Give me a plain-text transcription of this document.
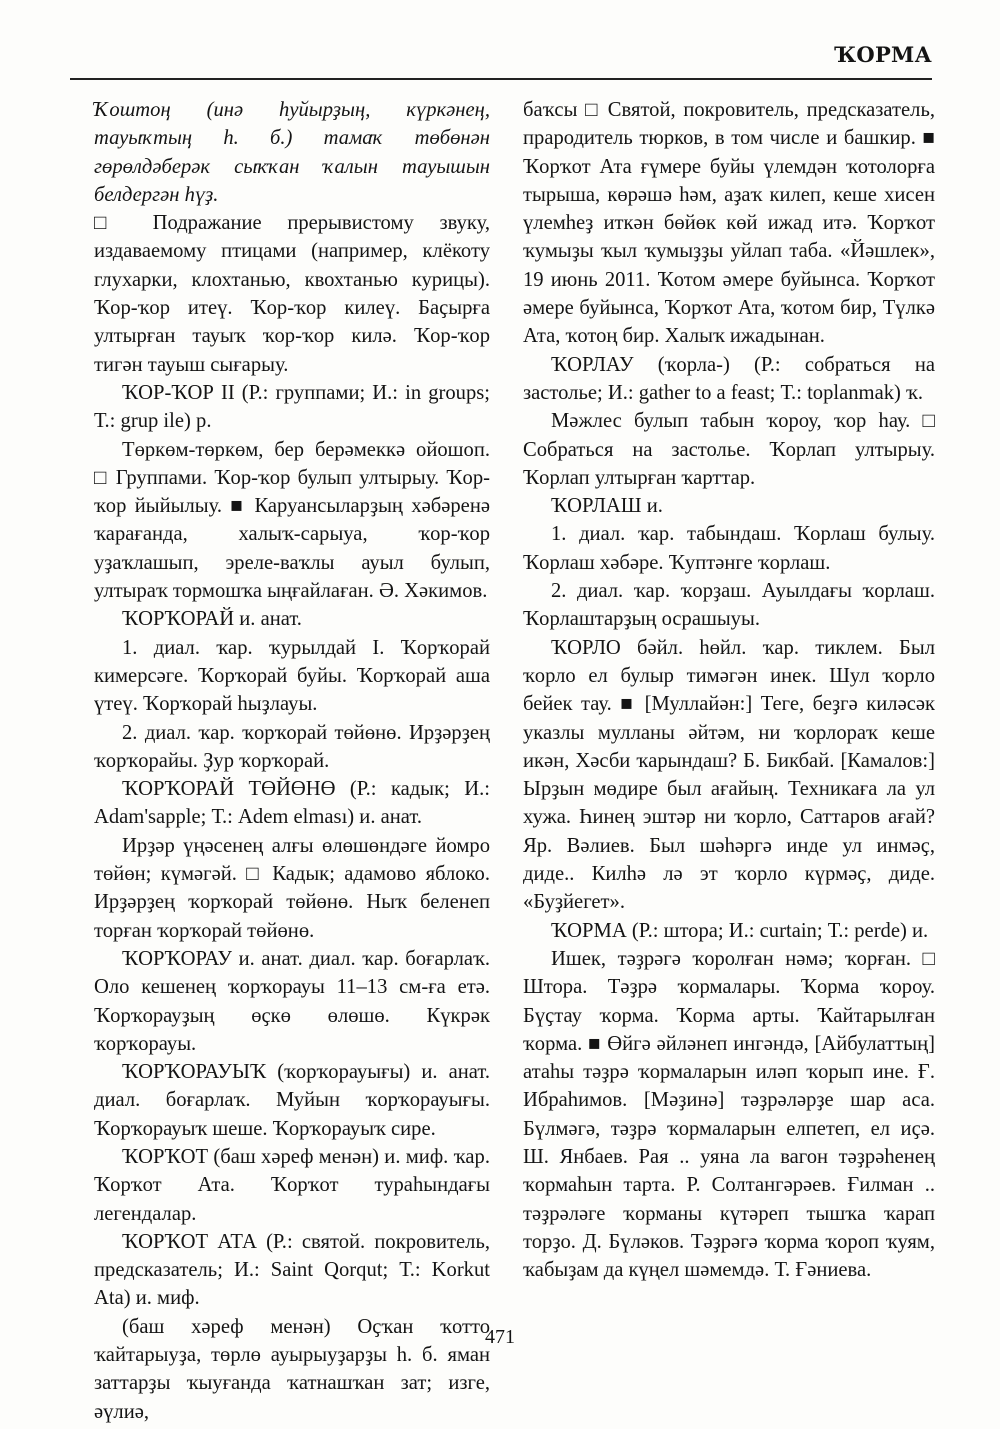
ҠОРМА

Ҡоштоң (инә һуйырҙың, күркәнең, тауыҡтың һ. б.) тамаҡ төбөнән гөрөлдәберәк сыҡҡан ҡалын тауышын белдергән һүҙ.

□ Подражание прерывистому звуку, издаваемому птицами (например, клёкоту глухарки, клохтанью, квохтанью курицы). Ҡор-ҡор итеү. Ҡор-ҡор килеү. Баҫырға ултырған тауыҡ ҡор-ҡор килә. Ҡор-ҡор тигән тауыш сығарыу.

ҠОР-ҠОР II (Р.: группами; И.: in groups; Т.: grup ile) р.

Төркөм-төркөм, бер берәмеккә ойошоп. □ Группами. Ҡор-ҡор булып ултырыу. Ҡор-ҡор йыйылыу. ■ Каруансыларҙың хәбәренә ҡарағанда, халыҡ-сарыуа, ҡор-ҡор уҙаҡлашып, эреле-ваҡлы ауыл булып, ултыраҡ тормошҡа ыңғайлаған. Ә. Хәкимов.

ҠОРҠОРАЙ и. анат.

1. диал. ҡар. ҡурылдай I. Ҡорҡорай кимерсәге. Ҡорҡорай буйы. Ҡорҡорай аша үтеү. Ҡорҡорай һыҙлауы.

2. диал. ҡар. ҡорҡорай төйөнө. Ирҙәрҙең ҡорҡорайы. Ҙур ҡорҡорай.

ҠОРҠОРАЙ ТӨЙӨНӨ (Р.: кадык; И.: Adam'sapple; Т.: Adem elması) и. анат.

Ирҙәр үңәсенең алғы өлөшөндәге йомро төйөн; күмәгәй. □ Кадык; адамово яблоко. Ирҙәрҙең ҡорҡорай төйөнө. Ныҡ беленеп торған ҡорҡорай төйөнө.

ҠОРҠОРАУ и. анат. диал. ҡар. боғарлаҡ. Оло кешенең ҡорҡорауы 11–13 см-ға етә. Ҡорҡорауҙың өҫкө өлөшө. Күкрәк ҡорҡорауы.

ҠОРҠОРАУЫҠ (ҡорҡорауығы) и. анат. диал. боғарлаҡ. Муйын ҡорҡорауығы. Ҡорҡорауыҡ шеше. Ҡорҡорауыҡ сире.

ҠОРҠОТ (баш хәреф менән) и. миф. ҡар. Ҡорҡот Ата. Ҡорҡот тураһындағы легендалар.

ҠОРҠОТ АТА (Р.: святой. покровитель, предсказатель; И.: Saint Qorqut; Т.: Korkut Ata) и. миф.

(баш хәреф менән) Оҫҡан ҡотто ҡайтарыуҙа, төрлө ауырыуҙарҙы һ. б. яман заттарҙы ҡыуғанда ҡатнашҡан зат; изге, әүлиә,

баҡсы □ Святой, покровитель, предсказатель, прародитель тюрков, в том числе и башкир. ■ Ҡорҡот Ата ғүмере буйы үлемдән ҡотолорға тырыша, көрәшә һәм, аҙаҡ килеп, кеше хисен үлемһеҙ иткән бөйөк көй ижад итә. Ҡорҡот ҡумыҙы ҡыл ҡумыҙҙы уйлап таба. «Йәшлек», 19 июнь 2011. Ҡотом әмере буйынса. Ҡорҡот әмере буйынса, Ҡорҡот Ата, ҡотом бир, Түлкә Ата, ҡотоң бир. Халыҡ ижадынан.

ҠОРЛАУ (ҡорла-) (Р.: собраться на застолье; И.: gather to a feast; Т.: toplanmak) ҡ.

Мәжлес булып табын ҡороу, ҡор һау. □ Собраться на застолье. Ҡорлап ултырыу. Ҡорлап ултырған ҡарттар.

ҠОРЛАШ и.

1. диал. ҡар. табындаш. Ҡорлаш булыу. Ҡорлаш хәбәре. Ҡуптәнге ҡорлаш.

2. диал. ҡар. ҡорҙаш. Ауылдағы ҡорлаш. Ҡорлаштарҙың осрашыуы.

ҠОРЛО бәйл. һөйл. ҡар. тиклем. Был ҡорло ел булыр тимәгән инек. Шул ҡорло бейек тау. ■ [Муллайән:] Теге, беҙгә киләсәк указлы мулланы әйтәм, ни ҡорлораҡ кеше икән, Хәсби ҡарындаш? Б. Бикбай. [Камалов:] Ырҙын мөдире был ағайың. Техникаға ла ул хужа. Һинең эштәр ни ҡорло, Саттаров ағай? Яр. Вәлиев. Был шәһәргә инде ул инмәҫ, диде.. Килһә лә эт ҡорло күрмәҫ, диде. «Буҙйегет».

ҠОРМА (Р.: штора; И.: curtain; Т.: perde) и.

Ишек, тәҙрәгә ҡоролған нәмә; ҡорған. □ Штора. Тәҙрә ҡормалары. Ҡорма ҡороу. Бүҫтау ҡорма. Ҡорма арты. Ҡайтарылған ҡорма. ■ Өйгә әйләнеп ингәндә, [Айбулаттың] атаһы тәҙрә ҡормаларын иләп ҡорып ине. Ғ. Ибраһимов. [Мәҙинә] тәҙрәләрҙе шар аса. Бүлмәгә, тәҙрә ҡормаларын елпетеп, ел иҫә. Ш. Янбаев. Рая .. уяна ла вагон тәҙрәһенең ҡормаһын тарта. Р. Солтангәрәев. Ғилман .. тәҙрәләге ҡорманы күтәреп тышҡа ҡарап торҙо. Д. Бүләков. Тәҙрәгә ҡорма ҡороп ҡуям, ҡабыҙам да күңел шәмемдә. Т. Ғәниева.

471
